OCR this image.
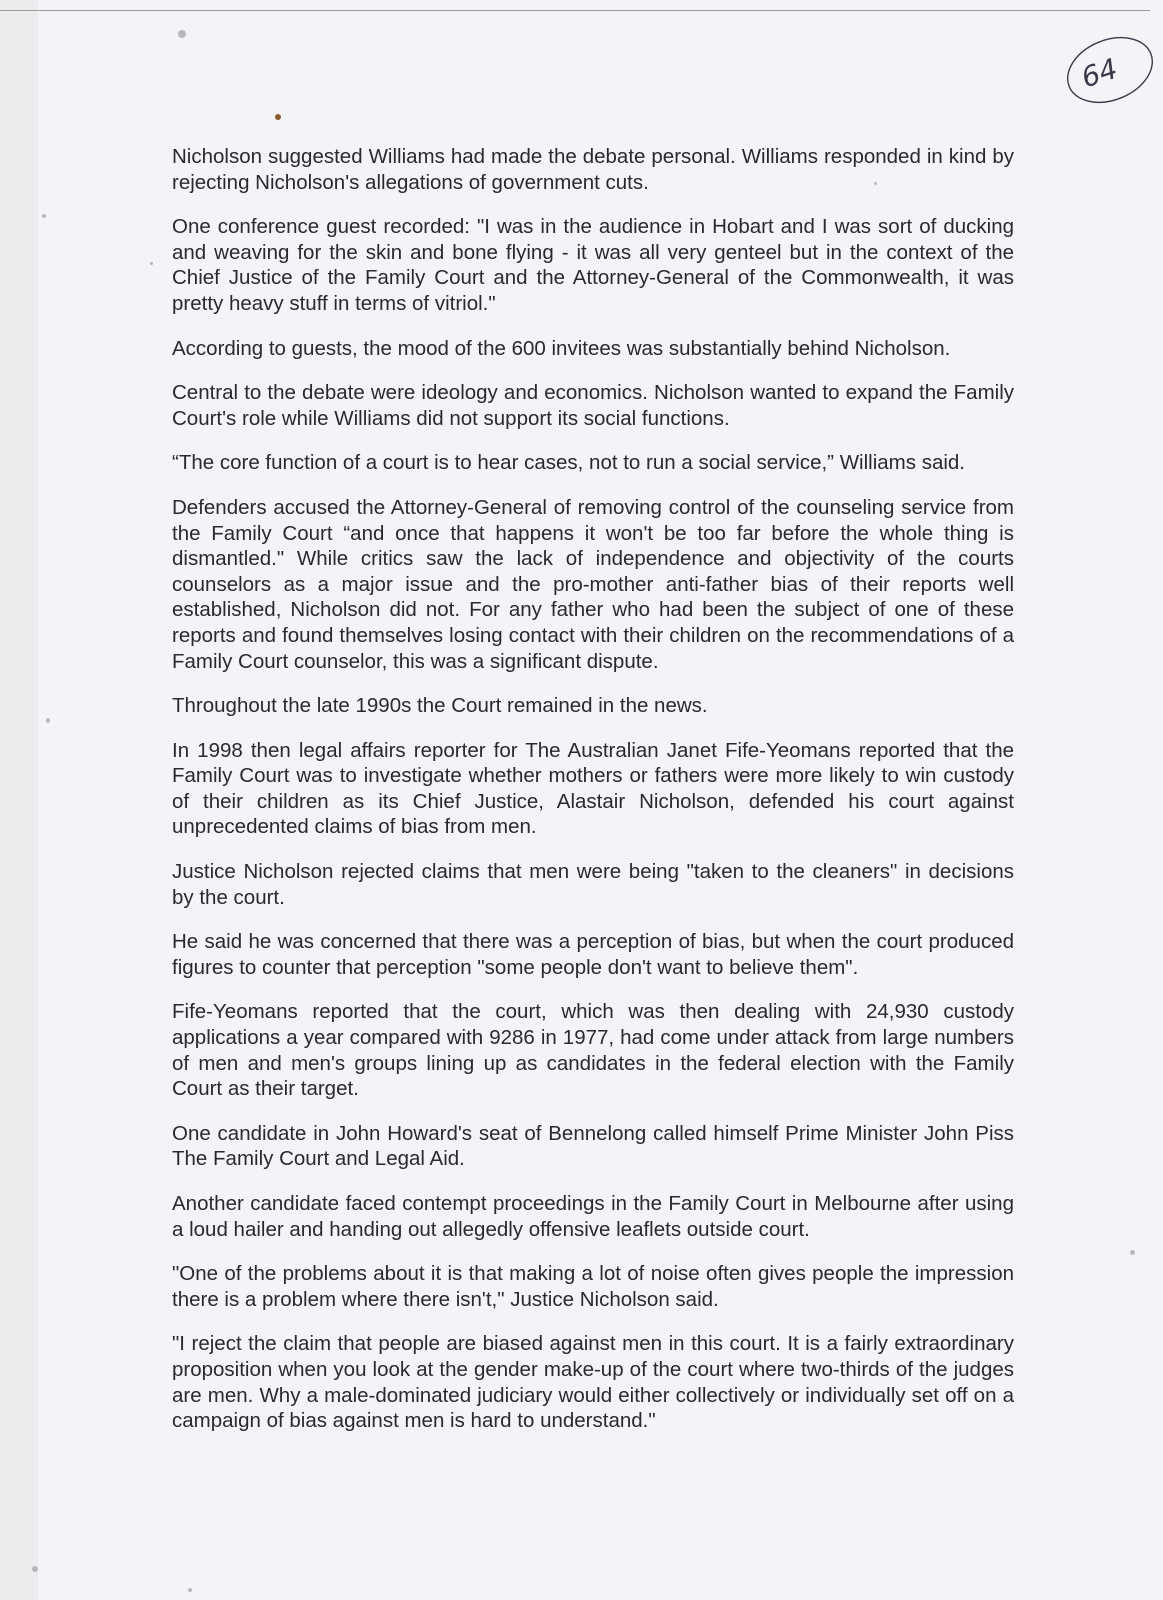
64

Nicholson suggested Williams had made the debate personal. Williams responded in kind by rejecting Nicholson's allegations of government cuts.

One conference guest recorded: "I was in the audience in Hobart and I was sort of ducking and weaving for the skin and bone flying - it was all very genteel but in the context of the Chief Justice of the Family Court and the Attorney-General of the Commonwealth, it was pretty heavy stuff in terms of vitriol."

According to guests, the mood of the 600 invitees was substantially behind Nicholson.

Central to the debate were ideology and economics. Nicholson wanted to expand the Family Court's role while Williams did not support its social functions.

“The core function of a court is to hear cases, not to run a social service,” Williams said.

Defenders accused the Attorney-General of removing control of the counseling service from the Family Court “and once that happens it won't be too far before the whole thing is dismantled." While critics saw the lack of independence and objectivity of the courts counselors as a major issue and the pro-mother anti-father bias of their reports well established, Nicholson did not. For any father who had been the subject of one of these reports and found themselves losing contact with their children on the recommendations of a Family Court counselor, this was a significant dispute.

Throughout the late 1990s the Court remained in the news.

In 1998 then legal affairs reporter for The Australian Janet Fife-Yeomans reported that the Family Court was to investigate whether mothers or fathers were more likely to win custody of their children as its Chief Justice, Alastair Nicholson, defended his court against unprecedented claims of bias from men.

Justice Nicholson rejected claims that men were being "taken to the cleaners" in decisions by the court.

He said he was concerned that there was a perception of bias, but when the court produced figures to counter that perception "some people don't want to believe them".

Fife-Yeomans reported that the court, which was then dealing with 24,930 custody applications a year compared with 9286 in 1977, had come under attack from large numbers of men and men's groups lining up as candidates in the federal election with the Family Court as their target.

One candidate in John Howard's seat of Bennelong called himself Prime Minister John Piss The Family Court and Legal Aid.

Another candidate faced contempt proceedings in the Family Court in Melbourne after using a loud hailer and handing out allegedly offensive leaflets outside court.

"One of the problems about it is that making a lot of noise often gives people the impression there is a problem where there isn't," Justice Nicholson said.

"I reject the claim that people are biased against men in this court. It is a fairly extraordinary proposition when you look at the gender make-up of the court where two-thirds of the judges are men. Why a male-dominated judiciary would either collectively or individually set off on a campaign of bias against men is hard to understand."
